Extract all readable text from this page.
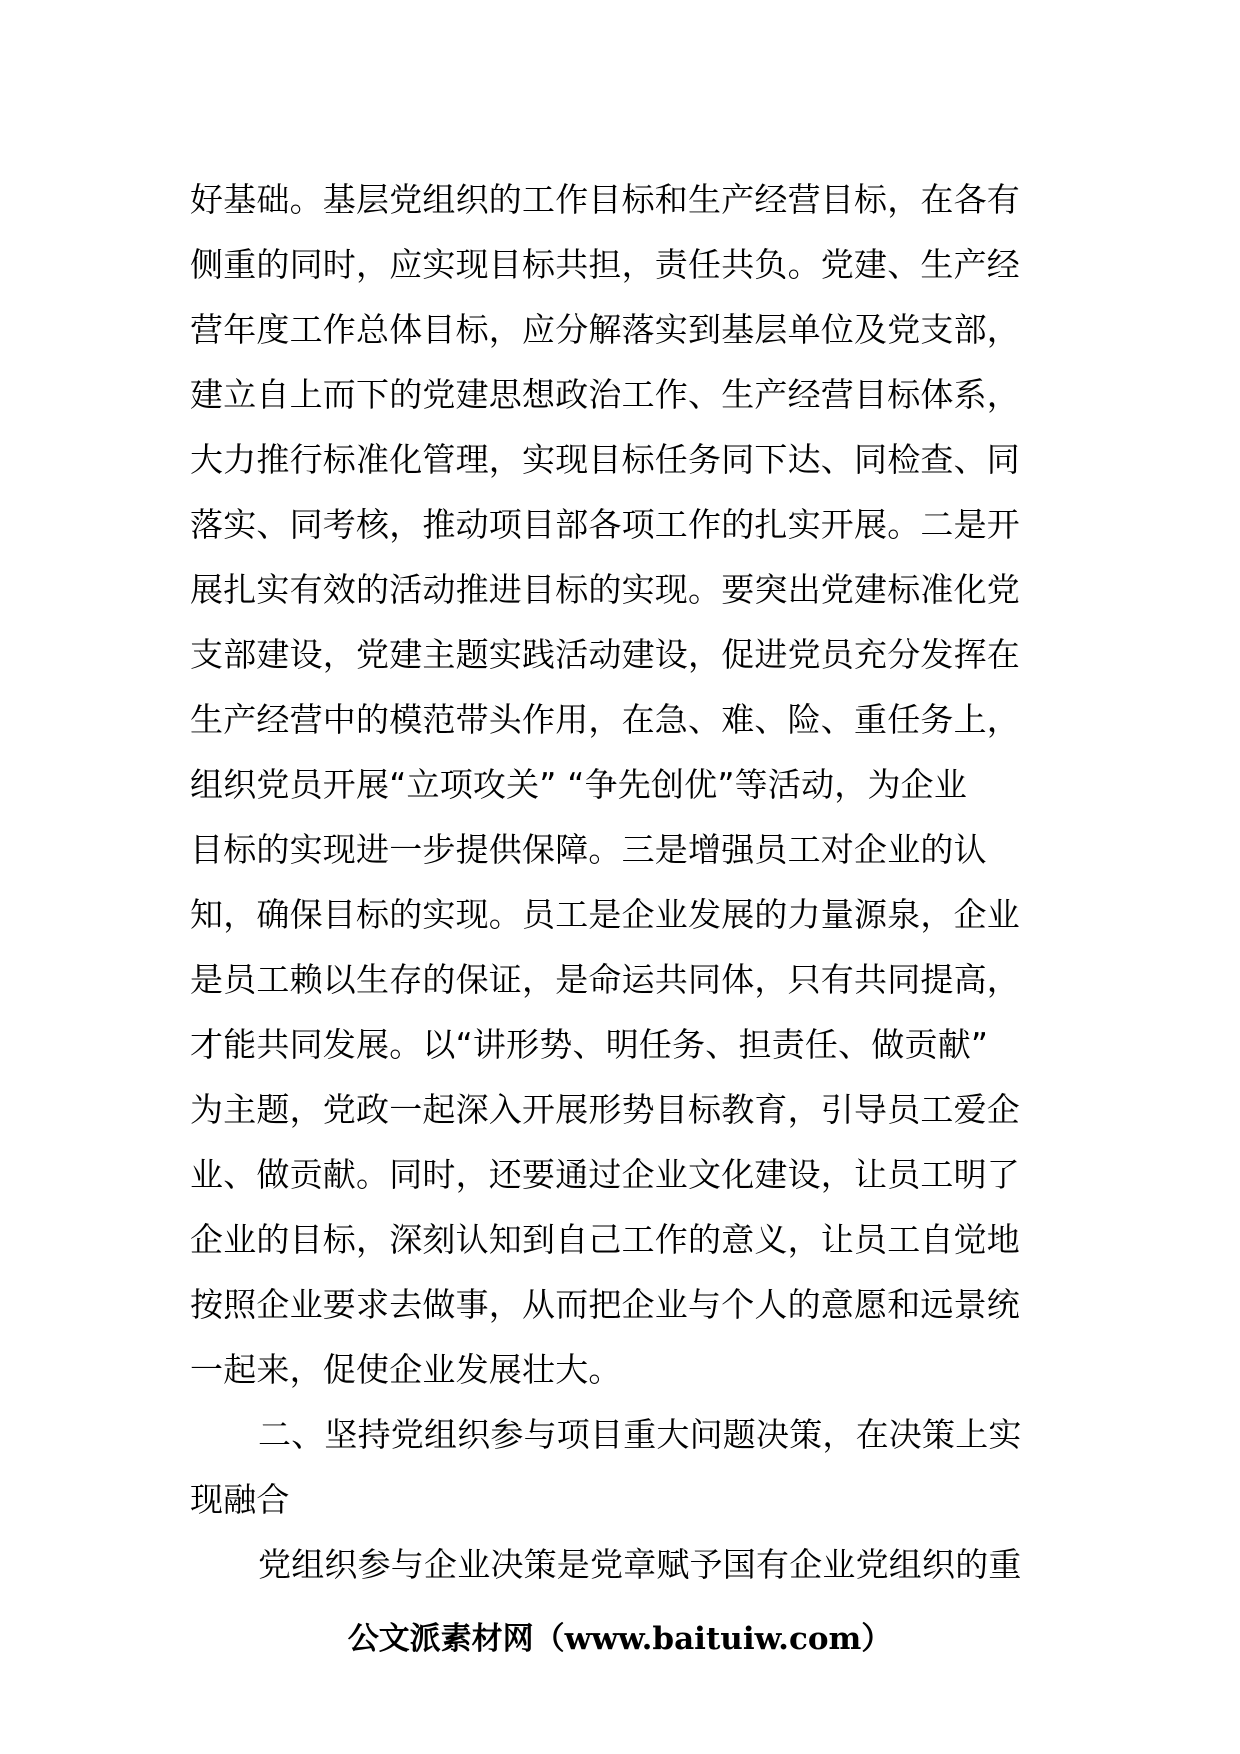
好基础。基层党组织的工作目标和生产经营目标，在各有
侧重的同时，应实现目标共担，责任共负。党建、生产经
营年度工作总体目标，应分解落实到基层单位及党支部，
建立自上而下的党建思想政治工作、生产经营目标体系，
大力推行标准化管理，实现目标任务同下达、同检查、同
落实、同考核，推动项目部各项工作的扎实开展。二是开
展扎实有效的活动推进目标的实现。要突出党建标准化党
支部建设，党建主题实践活动建设，促进党员充分发挥在
生产经营中的模范带头作用，在急、难、险、重任务上，
组织党员开展“立项攻关” “争先创优”等活动，为企业
目标的实现进一步提供保障。三是增强员工对企业的认
知，确保目标的实现。员工是企业发展的力量源泉，企业
是员工赖以生存的保证，是命运共同体，只有共同提高，
才能共同发展。以“讲形势、明任务、担责任、做贡献”
为主题，党政一起深入开展形势目标教育，引导员工爱企
业、做贡献。同时，还要通过企业文化建设，让员工明了
企业的目标，深刻认知到自己工作的意义，让员工自觉地
按照企业要求去做事，从而把企业与个人的意愿和远景统
一起来，促使企业发展壮大。
二、坚持党组织参与项目重大问题决策，在决策上实
现融合
党组织参与企业决策是党章赋予国有企业党组织的重
公文派素材网（www.baituiw.com）
